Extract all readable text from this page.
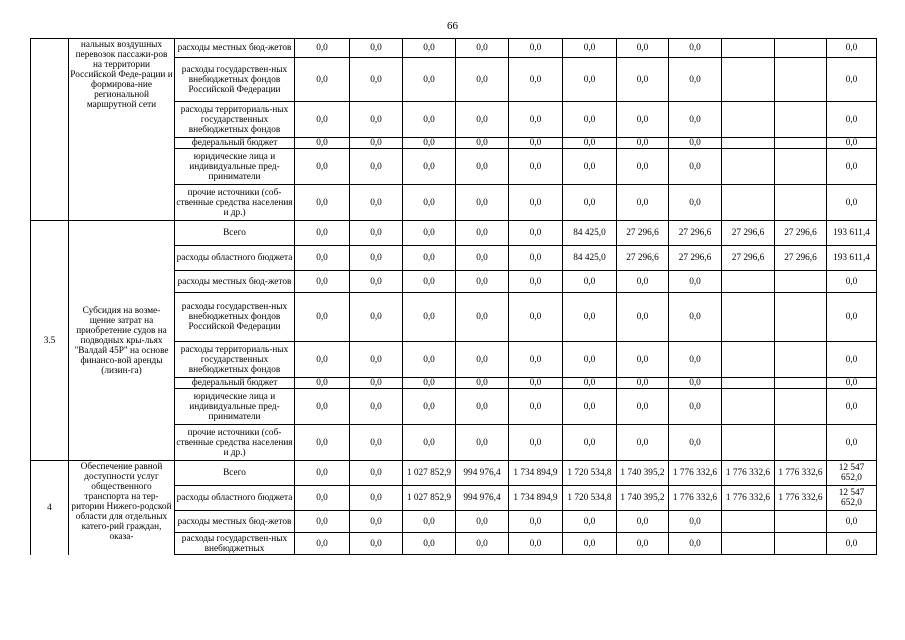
66
	нальных воздушных перевозок пассажи-ров на территории Российской Феде-рации и формирова-ние региональной маршрутной сети	расходы местных бюд-жетов	0,0	0,0	0,0	0,0	0,0	0,0	0,0	0,0			0,0
		расходы государствен-ных внебюджетных фондов Российской Федерации	0,0	0,0	0,0	0,0	0,0	0,0	0,0	0,0			0,0
		расходы территориаль-ных государственных внебюджетных фондов	0,0	0,0	0,0	0,0	0,0	0,0	0,0	0,0			0,0
		федеральный бюджет	0,0	0,0	0,0	0,0	0,0	0,0	0,0	0,0			0,0
		юридические лица и индивидуальные пред-приниматели	0,0	0,0	0,0	0,0	0,0	0,0	0,0	0,0			0,0
		прочие источники (соб-ственные средства населения и др.)	0,0	0,0	0,0	0,0	0,0	0,0	0,0	0,0			0,0
3.5	Субсидия на возме-щение затрат на приобретение судов на подводных кры-льях "Валдай 45Р" на основе финансо-вой аренды (лизин-га)	Всего	0,0	0,0	0,0	0,0	0,0	84 425,0	27 296,6	27 296,6	27 296,6	27 296,6	193 611,4
		расходы областного бюджета	0,0	0,0	0,0	0,0	0,0	84 425,0	27 296,6	27 296,6	27 296,6	27 296,6	193 611,4
		расходы местных бюд-жетов	0,0	0,0	0,0	0,0	0,0	0,0	0,0	0,0			0,0
		расходы государствен-ных внебюджетных фондов Российской Федерации	0,0	0,0	0,0	0,0	0,0	0,0	0,0	0,0			0,0
		расходы территориаль-ных государственных внебюджетных фондов	0,0	0,0	0,0	0,0	0,0	0,0	0,0	0,0			0,0
		федеральный бюджет	0,0	0,0	0,0	0,0	0,0	0,0	0,0	0,0			0,0
		юридические лица и индивидуальные пред-приниматели	0,0	0,0	0,0	0,0	0,0	0,0	0,0	0,0			0,0
		прочие источники (соб-ственные средства населения и др.)	0,0	0,0	0,0	0,0	0,0	0,0	0,0	0,0			0,0
4	Обеспечение равной доступности услуг общественного транспорта на тер-ритории Нижего-родской области для отдельных катего-рий граждан, оказа-	Всего	0,0	0,0	1 027 852,9	994 976,4	1 734 894,9	1 720 534,8	1 740 395,2	1 776 332,6	1 776 332,6	1 776 332,6	12 547 652,0
		расходы областного бюджета	0,0	0,0	1 027 852,9	994 976,4	1 734 894,9	1 720 534,8	1 740 395,2	1 776 332,6	1 776 332,6	1 776 332,6	12 547 652,0
		расходы местных бюд-жетов	0,0	0,0	0,0	0,0	0,0	0,0	0,0	0,0			0,0
		расходы государствен-ных внебюджетных	0,0	0,0	0,0	0,0	0,0	0,0	0,0	0,0			0,0
